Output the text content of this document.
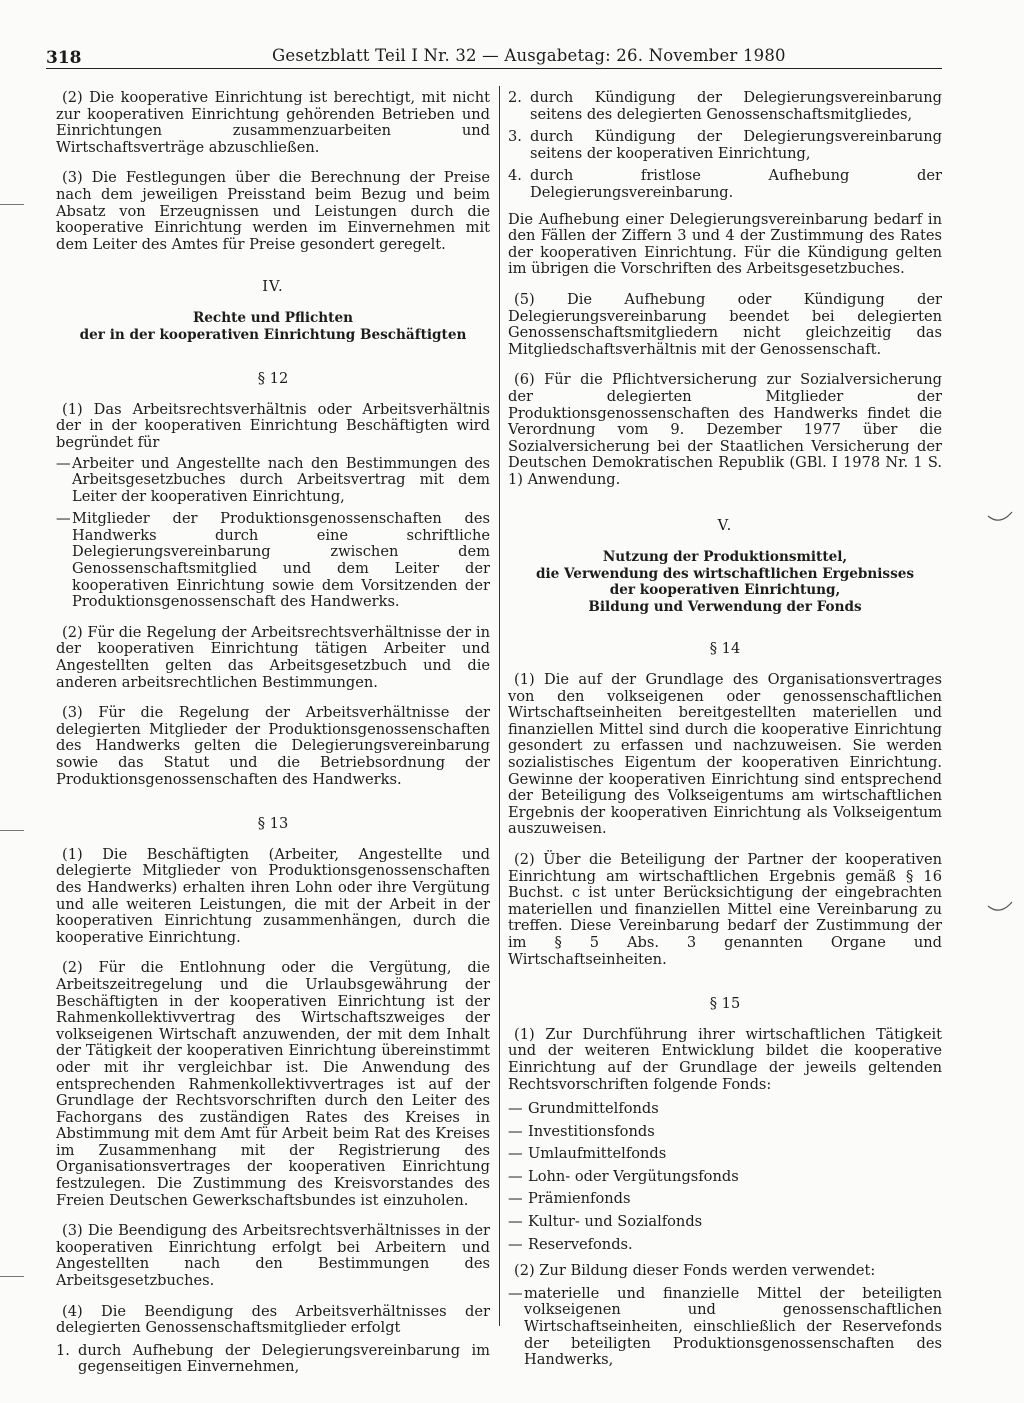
318	Gesetzblatt Teil I Nr. 32 — Ausgabetag: 26. November 1980

(2) Die kooperative Einrichtung ist berechtigt, mit nicht zur kooperativen Einrichtung gehörenden Betrieben und Einrichtungen zusammenzuarbeiten und Wirtschaftsverträge abzuschließen.

(3) Die Festlegungen über die Berechnung der Preise nach dem jeweiligen Preisstand beim Bezug und beim Absatz von Erzeugnissen und Leistungen durch die kooperative Einrichtung werden im Einvernehmen mit dem Leiter des Amtes für Preise gesondert geregelt.

IV.
Rechte und Pflichten
der in der kooperativen Einrichtung Beschäftigten
§ 12

(1) Das Arbeitsrechtsverhältnis oder Arbeitsverhältnis der in der kooperativen Einrichtung Beschäftigten wird begründet für

— Arbeiter und Angestellte nach den Bestimmungen des Arbeitsgesetzbuches durch Arbeitsvertrag mit dem Leiter der kooperativen Einrichtung,
— Mitglieder der Produktionsgenossenschaften des Handwerks durch eine schriftliche Delegierungsvereinbarung zwischen dem Genossenschaftsmitglied und dem Leiter der kooperativen Einrichtung sowie dem Vorsitzenden der Produktionsgenossenschaft des Handwerks.

(2) Für die Regelung der Arbeitsrechtsverhältnisse der in der kooperativen Einrichtung tätigen Arbeiter und Angestellten gelten das Arbeitsgesetzbuch und die anderen arbeitsrechtlichen Bestimmungen.

(3) Für die Regelung der Arbeitsverhältnisse der delegierten Mitglieder der Produktionsgenossenschaften des Handwerks gelten die Delegierungsvereinbarung sowie das Statut und die Betriebsordnung der Produktionsgenossenschaften des Handwerks.

§ 13

(1) Die Beschäftigten (Arbeiter, Angestellte und delegierte Mitglieder von Produktionsgenossenschaften des Handwerks) erhalten ihren Lohn oder ihre Vergütung und alle weiteren Leistungen, die mit der Arbeit in der kooperativen Einrichtung zusammenhängen, durch die kooperative Einrichtung.

(2) Für die Entlohnung oder die Vergütung, die Arbeitszeitregelung und die Urlaubsgewährung der Beschäftigten in der kooperativen Einrichtung ist der Rahmenkollektivvertrag des Wirtschaftszweiges der volkseigenen Wirtschaft anzuwenden, der mit dem Inhalt der Tätigkeit der kooperativen Einrichtung übereinstimmt oder mit ihr vergleichbar ist. Die Anwendung des entsprechenden Rahmenkollektivvertrages ist auf der Grundlage der Rechtsvorschriften durch den Leiter des Fachorgans des zuständigen Rates des Kreises in Abstimmung mit dem Amt für Arbeit beim Rat des Kreises im Zusammenhang mit der Registrierung des Organisationsvertrages der kooperativen Einrichtung festzulegen. Die Zustimmung des Kreisvorstandes des Freien Deutschen Gewerkschaftsbundes ist einzuholen.

(3) Die Beendigung des Arbeitsrechtsverhältnisses in der kooperativen Einrichtung erfolgt bei Arbeitern und Angestellten nach den Bestimmungen des Arbeitsgesetzbuches.

(4) Die Beendigung des Arbeitsverhältnisses der delegierten Genossenschaftsmitglieder erfolgt

1. durch Aufhebung der Delegierungsvereinbarung im gegenseitigen Einvernehmen,
2. durch Kündigung der Delegierungsvereinbarung seitens des delegierten Genossenschaftsmitgliedes,
3. durch Kündigung der Delegierungsvereinbarung seitens der kooperativen Einrichtung,
4. durch fristlose Aufhebung der Delegierungsvereinbarung.

Die Aufhebung einer Delegierungsvereinbarung bedarf in den Fällen der Ziffern 3 und 4 der Zustimmung des Rates der kooperativen Einrichtung. Für die Kündigung gelten im übrigen die Vorschriften des Arbeitsgesetzbuches.

(5) Die Aufhebung oder Kündigung der Delegierungsvereinbarung beendet bei delegierten Genossenschaftsmitgliedern nicht gleichzeitig das Mitgliedschaftsverhältnis mit der Genossenschaft.

(6) Für die Pflichtversicherung zur Sozialversicherung der delegierten Mitglieder der Produktionsgenossenschaften des Handwerks findet die Verordnung vom 9. Dezember 1977 über die Sozialversicherung bei der Staatlichen Versicherung der Deutschen Demokratischen Republik (GBl. I 1978 Nr. 1 S. 1) Anwendung.

V.
Nutzung der Produktionsmittel,
die Verwendung des wirtschaftlichen Ergebnisses
der kooperativen Einrichtung,
Bildung und Verwendung der Fonds
§ 14

(1) Die auf der Grundlage des Organisationsvertrages von den volkseigenen oder genossenschaftlichen Wirtschaftseinheiten bereitgestellten materiellen und finanziellen Mittel sind durch die kooperative Einrichtung gesondert zu erfassen und nachzuweisen. Sie werden sozialistisches Eigentum der kooperativen Einrichtung. Gewinne der kooperativen Einrichtung sind entsprechend der Beteiligung des Volkseigentums am wirtschaftlichen Ergebnis der kooperativen Einrichtung als Volkseigentum auszuweisen.

(2) Über die Beteiligung der Partner der kooperativen Einrichtung am wirtschaftlichen Ergebnis gemäß § 16 Buchst. c ist unter Berücksichtigung der eingebrachten materiellen und finanziellen Mittel eine Vereinbarung zu treffen. Diese Vereinbarung bedarf der Zustimmung der im § 5 Abs. 3 genannten Organe und Wirtschaftseinheiten.

§ 15

(1) Zur Durchführung ihrer wirtschaftlichen Tätigkeit und der weiteren Entwicklung bildet die kooperative Einrichtung auf der Grundlage der jeweils geltenden Rechtsvorschriften folgende Fonds:

— Grundmittelfonds
— Investitionsfonds
— Umlaufmittelfonds
— Lohn- oder Vergütungsfonds
— Prämienfonds
— Kultur- und Sozialfonds
— Reservefonds.

(2) Zur Bildung dieser Fonds werden verwendet:

— materielle und finanzielle Mittel der beteiligten volkseigenen und genossenschaftlichen Wirtschaftseinheiten, einschließlich der Reservefonds der beteiligten Produktionsgenossenschaften des Handwerks,
